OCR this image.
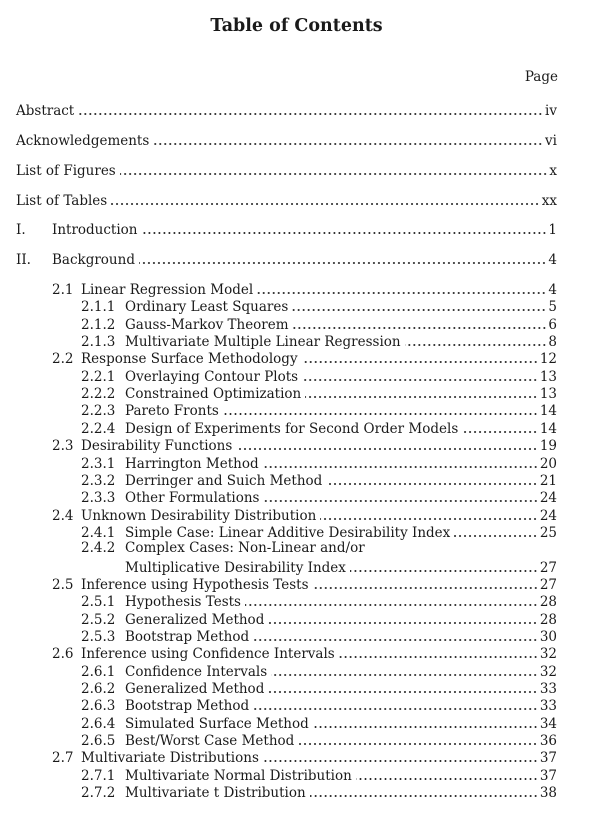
Table of Contents
Page
Abstract	iv
Acknowledgements	vi
List of Figures	x
List of Tables	xx
I.	Introduction	1
II.	Background	4
2.1 Linear Regression Model	4
2.1.1 Ordinary Least Squares	5
2.1.2 Gauss-Markov Theorem	6
2.1.3 Multivariate Multiple Linear Regression	8
2.2 Response Surface Methodology	12
2.2.1 Overlaying Contour Plots	13
2.2.2 Constrained Optimization	13
2.2.3 Pareto Fronts	14
2.2.4 Design of Experiments for Second Order Models	14
2.3 Desirability Functions	19
2.3.1 Harrington Method	20
2.3.2 Derringer and Suich Method	21
2.3.3 Other Formulations	24
2.4 Unknown Desirability Distribution	24
2.4.1 Simple Case: Linear Additive Desirability Index	25
2.4.2 Complex Cases: Non-Linear and/or
Multiplicative Desirability Index	27
2.5 Inference using Hypothesis Tests	27
2.5.1 Hypothesis Tests	28
2.5.2 Generalized Method	28
2.5.3 Bootstrap Method	30
2.6 Inference using Confidence Intervals	32
2.6.1 Confidence Intervals	32
2.6.2 Generalized Method	33
2.6.3 Bootstrap Method	33
2.6.4 Simulated Surface Method	34
2.6.5 Best/Worst Case Method	36
2.7 Multivariate Distributions	37
2.7.1 Multivariate Normal Distribution	37
2.7.2 Multivariate t Distribution	38
